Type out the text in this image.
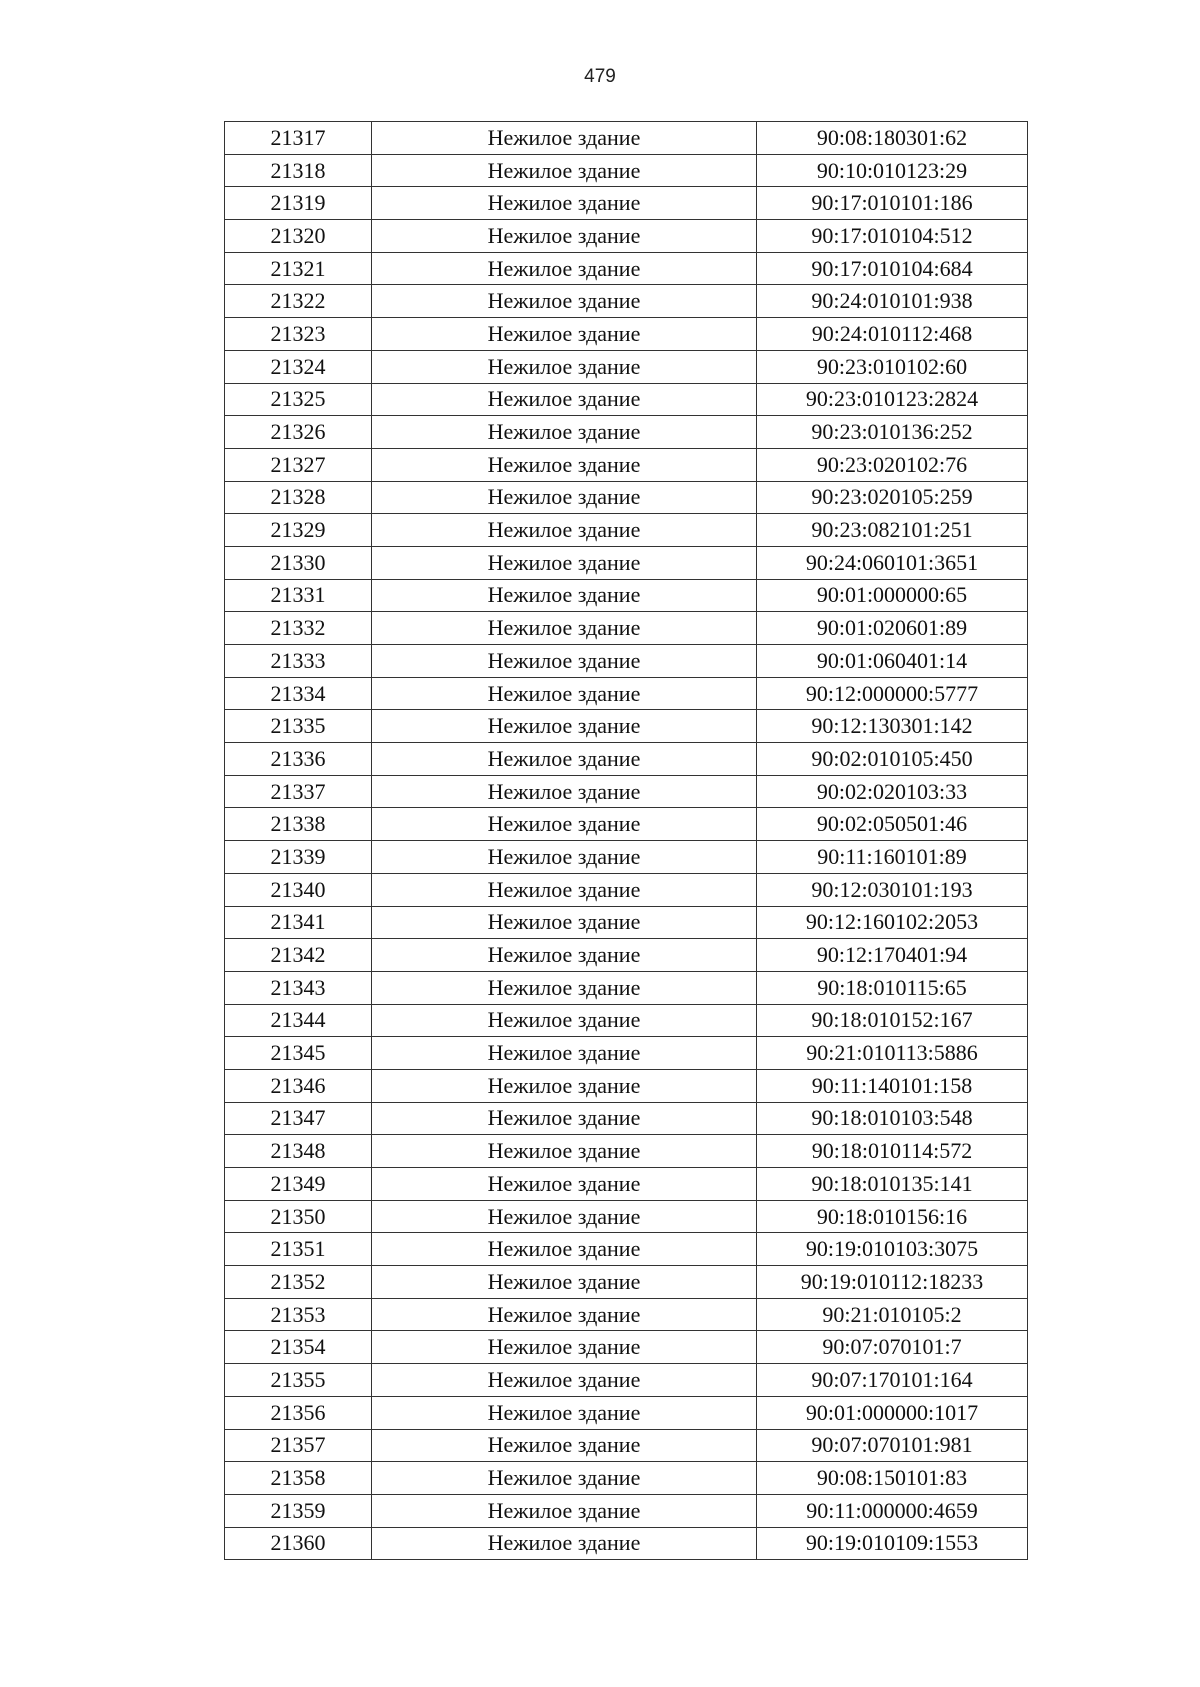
479
21317	Нежилое здание	90:08:180301:62
21318	Нежилое здание	90:10:010123:29
21319	Нежилое здание	90:17:010101:186
21320	Нежилое здание	90:17:010104:512
21321	Нежилое здание	90:17:010104:684
21322	Нежилое здание	90:24:010101:938
21323	Нежилое здание	90:24:010112:468
21324	Нежилое здание	90:23:010102:60
21325	Нежилое здание	90:23:010123:2824
21326	Нежилое здание	90:23:010136:252
21327	Нежилое здание	90:23:020102:76
21328	Нежилое здание	90:23:020105:259
21329	Нежилое здание	90:23:082101:251
21330	Нежилое здание	90:24:060101:3651
21331	Нежилое здание	90:01:000000:65
21332	Нежилое здание	90:01:020601:89
21333	Нежилое здание	90:01:060401:14
21334	Нежилое здание	90:12:000000:5777
21335	Нежилое здание	90:12:130301:142
21336	Нежилое здание	90:02:010105:450
21337	Нежилое здание	90:02:020103:33
21338	Нежилое здание	90:02:050501:46
21339	Нежилое здание	90:11:160101:89
21340	Нежилое здание	90:12:030101:193
21341	Нежилое здание	90:12:160102:2053
21342	Нежилое здание	90:12:170401:94
21343	Нежилое здание	90:18:010115:65
21344	Нежилое здание	90:18:010152:167
21345	Нежилое здание	90:21:010113:5886
21346	Нежилое здание	90:11:140101:158
21347	Нежилое здание	90:18:010103:548
21348	Нежилое здание	90:18:010114:572
21349	Нежилое здание	90:18:010135:141
21350	Нежилое здание	90:18:010156:16
21351	Нежилое здание	90:19:010103:3075
21352	Нежилое здание	90:19:010112:18233
21353	Нежилое здание	90:21:010105:2
21354	Нежилое здание	90:07:070101:7
21355	Нежилое здание	90:07:170101:164
21356	Нежилое здание	90:01:000000:1017
21357	Нежилое здание	90:07:070101:981
21358	Нежилое здание	90:08:150101:83
21359	Нежилое здание	90:11:000000:4659
21360	Нежилое здание	90:19:010109:1553
